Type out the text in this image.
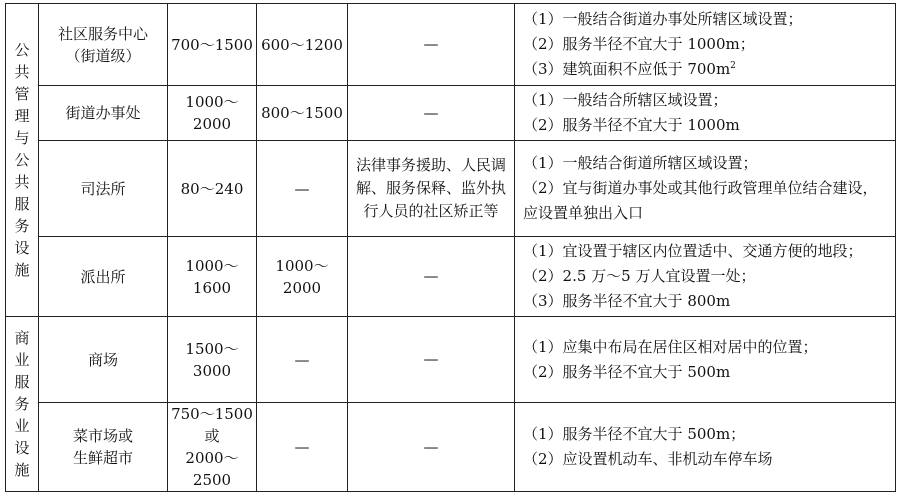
公共管理与公共服务设施	社区服务中心
（街道级）	700～1500	600～1200	—	（1）一般结合街道办事处所辖区域设置；
（2）服务半径不宜大于 1000m；
（3）建筑面积不应低于 $700m^2$

	街道办事处	1000～2000	800～1500	—	（1）一般结合所辖区域设置；
（2）服务半径不宜大于 1000m

	司法所	80～240	—	法律事务援助、人民调解、服务保释、监外执行人员的社区矫正等	（1）一般结合街道所辖区域设置；
（2）宜与街道办事处或其他行政管理单位结合建设，应设置单独出入口

	派出所	1000～1600	1000～2000	—	（1）宜设置于辖区内位置适中、交通方便的地段；
（2）2.5 万～5 万人宜设置一处；
（3）服务半径不宜大于 800m

商业服务业设施	商场	1500～3000	—	—	（1）应集中布局在居住区相对居中的位置；
（2）服务半径不宜大于 500m

	菜市场或
生鲜超市	750～1500 或
2000～2500	—	—	（1）服务半径不宜大于 500m；
（2）应设置机动车、非机动车停车场
